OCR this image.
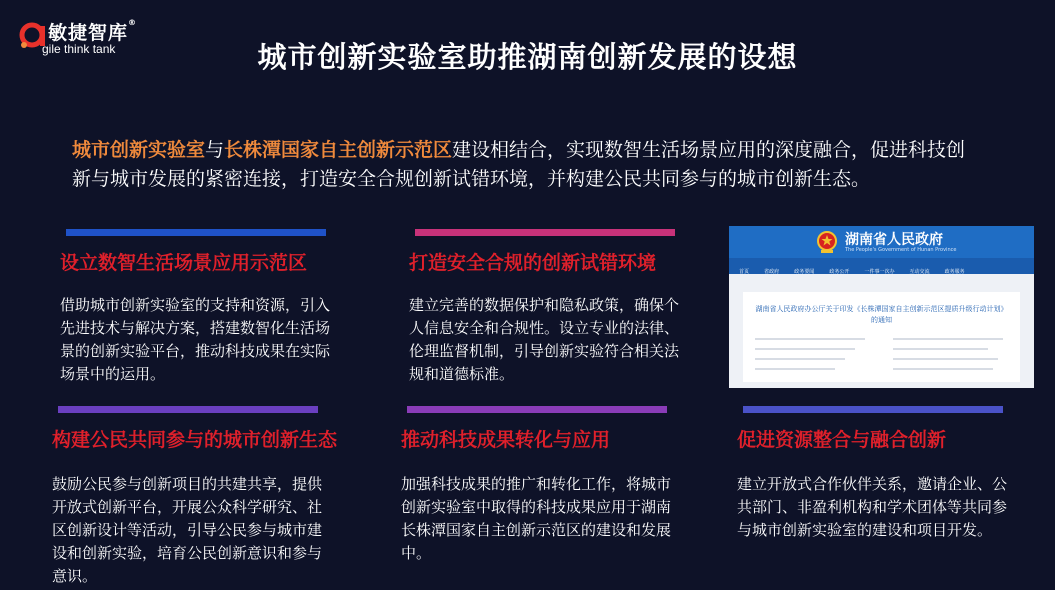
敏捷智库®
gile think tank	城市创新实验室助推湖南创新发展的设想
城市创新实验室与长株潭国家自主创新示范区建设相结合，实现数智生活场景应用的深度融合，促进科技创新与城市发展的紧密连接，打造安全合规创新试错环境，并构建公民共同参与的城市创新生态。
设立数智生活场景应用示范区
借助城市创新实验室的支持和资源，引入先进技术与解决方案，搭建数智化生活场景的创新实验平台，推动科技成果在实际场景中的运用。
打造安全合规的创新试错环境
建立完善的数据保护和隐私政策，确保个人信息安全和合规性。设立专业的法律、伦理监督机制，引导创新实验符合相关法规和道德标准。
湖南省人民政府
The People's Government of Hunan Province
首页	省政府	政务要闻	政务公开	一件事一次办	互动交流	政务服务
湖南省人民政府办公厅关于印发《长株潭国家自主创新示范区提质升级行动计划》的通知
构建公民共同参与的城市创新生态
鼓励公民参与创新项目的共建共享，提供开放式创新平台，开展公众科学研究、社区创新设计等活动，引导公民参与城市建设和创新实验，培育公民创新意识和参与意识。
推动科技成果转化与应用
加强科技成果的推广和转化工作，将城市创新实验室中取得的科技成果应用于湖南长株潭国家自主创新示范区的建设和发展中。
促进资源整合与融合创新
建立开放式合作伙伴关系，邀请企业、公共部门、非盈利机构和学术团体等共同参与城市创新实验室的建设和项目开发。
